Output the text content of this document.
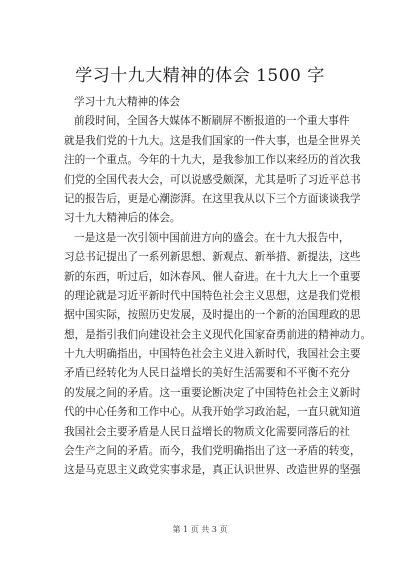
学习十九大精神的体会 1500 字
学习十九大精神的体会
前段时间，全国各大媒体不断刷屏不断报道的一个重大事件
就是我们党的十九大。这是我们国家的一件大事，也是全世界关
注的一个重点。今年的十九大，是我参加工作以来经历的首次我
们党的全国代表大会，可以说感受颇深，尤其是听了习近平总书
记的报告后，更是心潮澎湃。在这里我从以下三个方面谈谈我学
习十九大精神后的体会。
一是这是一次引领中国前进方向的盛会。在十九大报告中，
习总书记提出了一系列新思想、新观点、新举措、新提法，这些
新的东西，听过后，如沐春风、催人奋进。在十九大上一个重要
的理论就是习近平新时代中国特色社会主义思想，这是我们党根
据中国实际，按照历史发展，及时提出的一个新的治国理政的思
想，是指引我们向建设社会主义现代化国家奋勇前进的精神动力。
十九大明确指出，中国特色社会主义进入新时代，我国社会主要
矛盾已经转化为人民日益增长的美好生活需要和不平衡不充分
的发展之间的矛盾。这一重要论断决定了中国特色社会主义新时
代的中心任务和工作中心。从我开始学习政治起，一直只就知道
我国社会主要矛盾是人民日益增长的物质文化需要同落后的社
会生产之间的矛盾。而今，我们党明确指出了这一矛盾的转变，
这是马克思主义政党实事求是，真正认识世界、改造世界的坚强
第 1 页 共 3 页
